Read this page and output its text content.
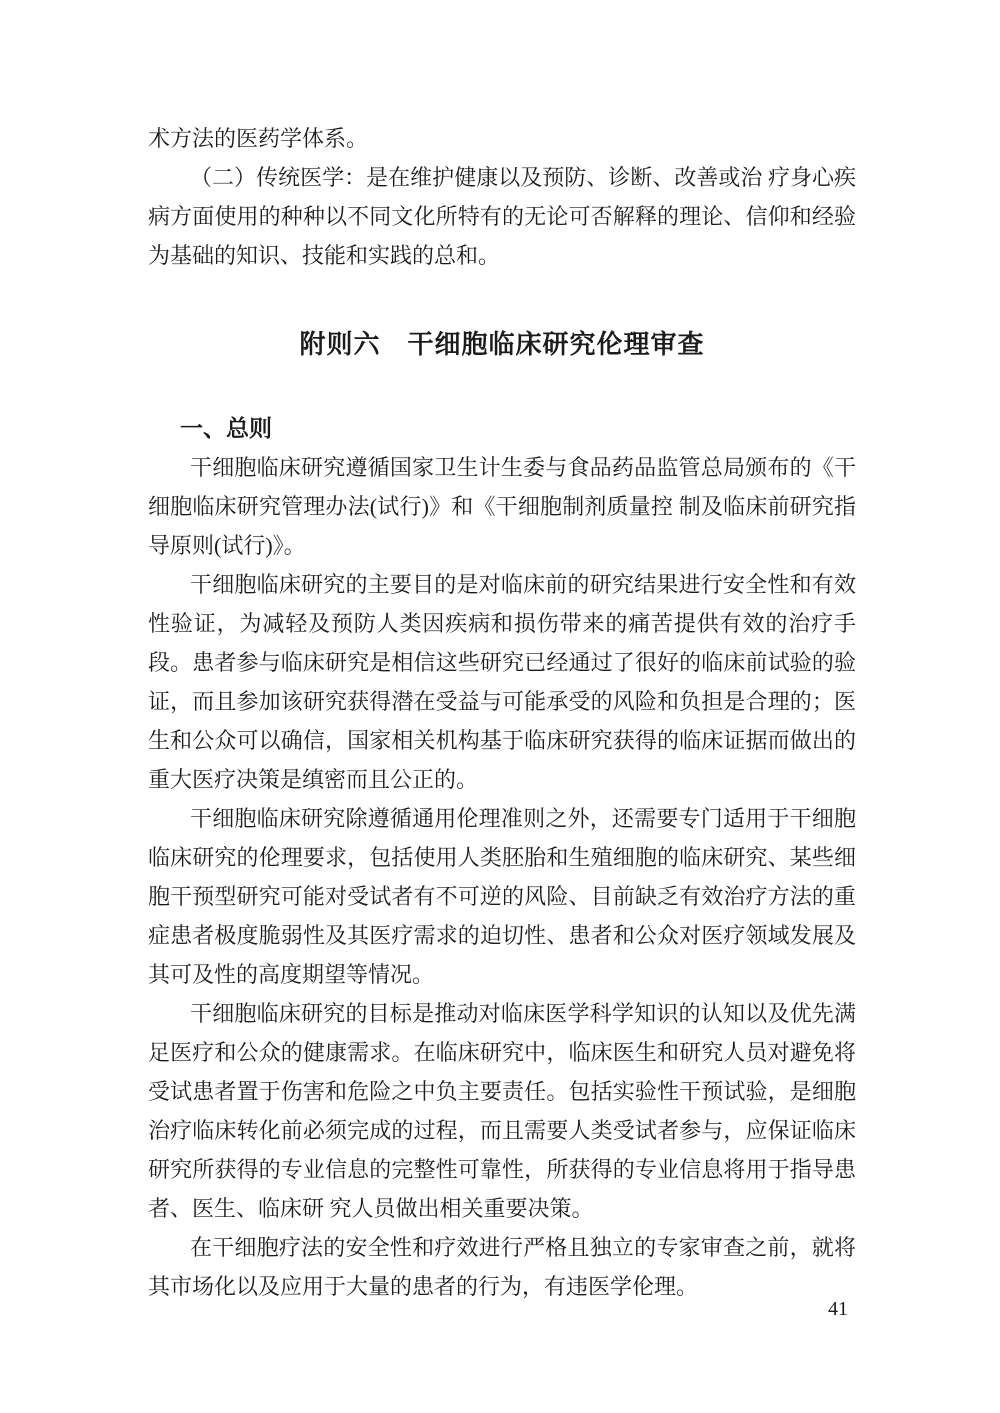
术方法的医药学体系。

（二）传统医学：是在维护健康以及预防、诊断、改善或治 疗身心疾病方面使用的种种以不同文化所特有的无论可否解释的理论、信仰和经验为基础的知识、技能和实践的总和。

附则六　干细胞临床研究伦理审查
一、总则

干细胞临床研究遵循国家卫生计生委与食品药品监管总局颁布的《干细胞临床研究管理办法(试行)》和《干细胞制剂质量控 制及临床前研究指导原则(试行)》。

干细胞临床研究的主要目的是对临床前的研究结果进行安全性和有效性验证，为减轻及预防人类因疾病和损伤带来的痛苦提供有效的治疗手段。患者参与临床研究是相信这些研究已经通过了很好的临床前试验的验证，而且参加该研究获得潜在受益与可能承受的风险和负担是合理的；医生和公众可以确信，国家相关机构基于临床研究获得的临床证据而做出的重大医疗决策是缜密而且公正的。

干细胞临床研究除遵循通用伦理准则之外，还需要专门适用于干细胞临床研究的伦理要求，包括使用人类胚胎和生殖细胞的临床研究、某些细胞干预型研究可能对受试者有不可逆的风险、目前缺乏有效治疗方法的重症患者极度脆弱性及其医疗需求的迫切性、患者和公众对医疗领域发展及其可及性的高度期望等情况。

干细胞临床研究的目标是推动对临床医学科学知识的认知以及优先满足医疗和公众的健康需求。在临床研究中，临床医生和研究人员对避免将受试患者置于伤害和危险之中负主要责任。包括实验性干预试验，是细胞治疗临床转化前必须完成的过程，而且需要人类受试者参与，应保证临床研究所获得的专业信息的完整性可靠性，所获得的专业信息将用于指导患者、医生、临床研 究人员做出相关重要决策。

在干细胞疗法的安全性和疗效进行严格且独立的专家审查之前，就将其市场化以及应用于大量的患者的行为，有违医学伦理。

41
